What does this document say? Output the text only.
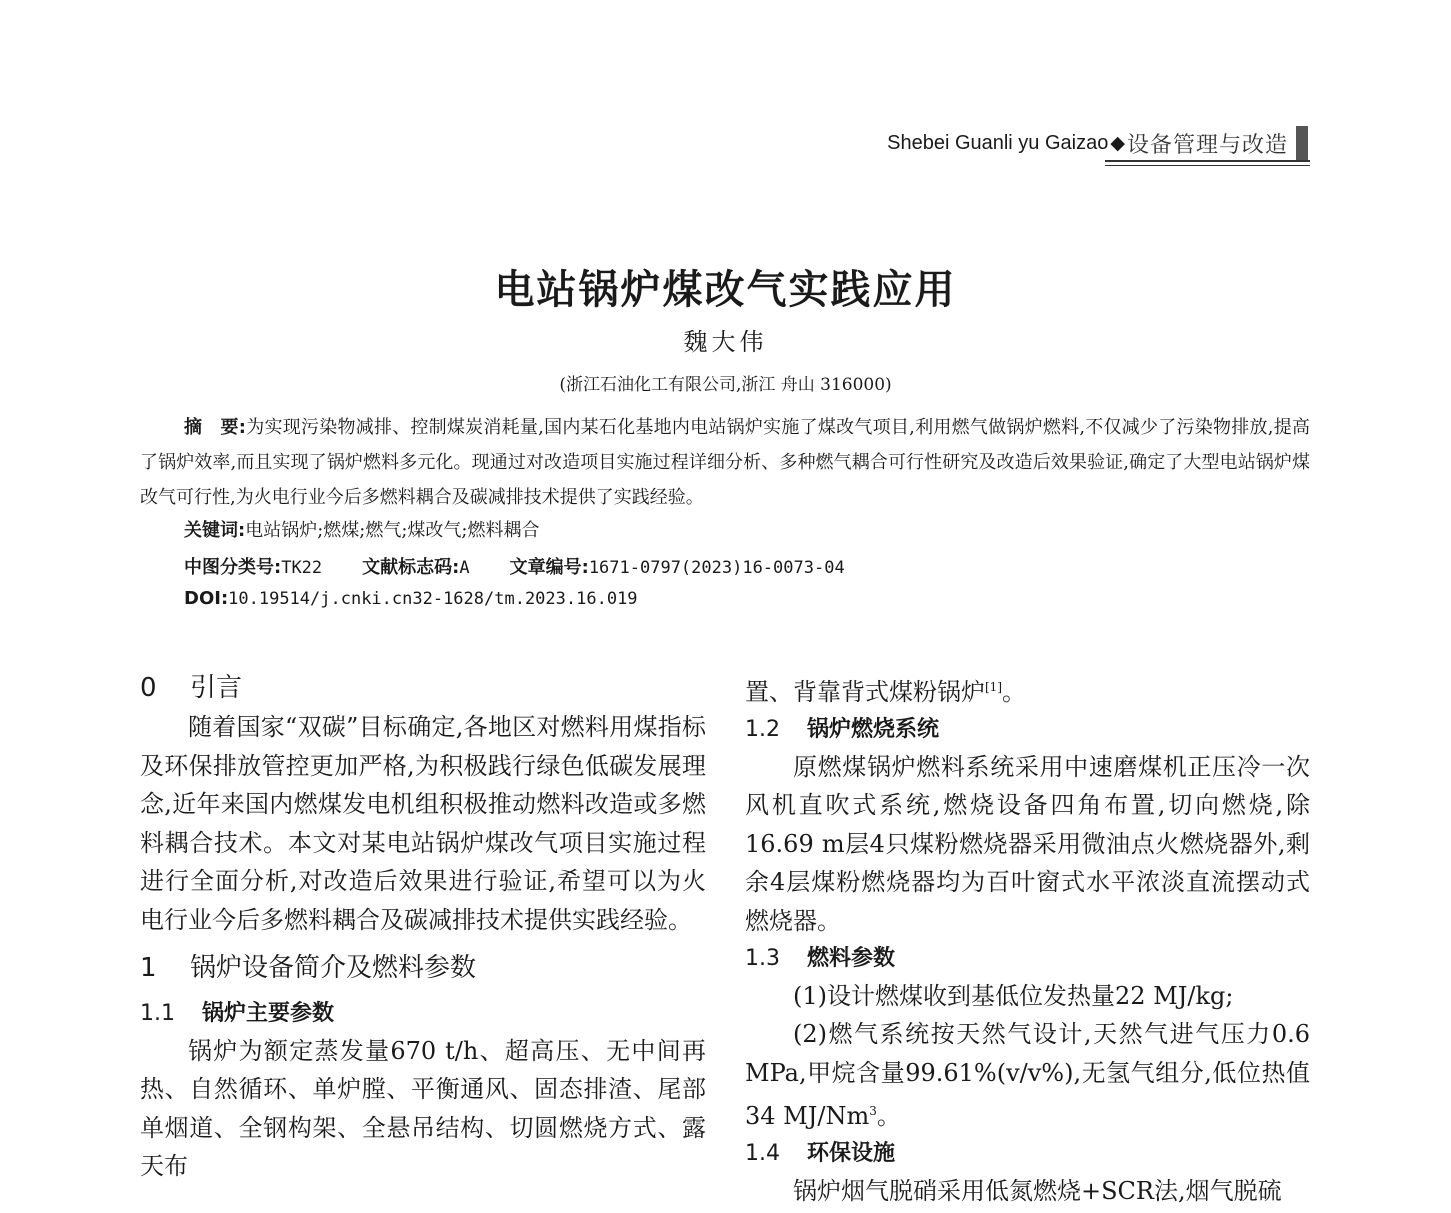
Shebei Guanli yu Gaizao ◆ 设备管理与改造
电站锅炉煤改气实践应用
魏大伟
(浙江石油化工有限公司,浙江 舟山 316000)
摘　要:为实现污染物减排、控制煤炭消耗量,国内某石化基地内电站锅炉实施了煤改气项目,利用燃气做锅炉燃料,不仅减少了污染物排放,提高了锅炉效率,而且实现了锅炉燃料多元化。现通过对改造项目实施过程详细分析、多种燃气耦合可行性研究及改造后效果验证,确定了大型电站锅炉煤改气可行性,为火电行业今后多燃料耦合及碳减排技术提供了实践经验。
关键词:电站锅炉;燃煤;燃气;煤改气;燃料耦合
中图分类号:TK22 文献标志码:A 文章编号:1671-0797(2023)16-0073-04
DOI:10.19514/j.cnki.cn32-1628/tm.2023.16.019

0 引言

随着国家“双碳”目标确定,各地区对燃料用煤指标及环保排放管控更加严格,为积极践行绿色低碳发展理念,近年来国内燃煤发电机组积极推动燃料改造或多燃料耦合技术。本文对某电站锅炉煤改气项目实施过程进行全面分析,对改造后效果进行验证,希望可以为火电行业今后多燃料耦合及碳减排技术提供实践经验。

1 锅炉设备简介及燃料参数

1.1 锅炉主要参数

锅炉为额定蒸发量670 t/h、超高压、无中间再热、自然循环、单炉膛、平衡通风、固态排渣、尾部单烟道、全钢构架、全悬吊结构、切圆燃烧方式、露天布

置、背靠背式煤粉锅炉[1]。

1.2 锅炉燃烧系统

原燃煤锅炉燃料系统采用中速磨煤机正压冷一次风机直吹式系统,燃烧设备四角布置,切向燃烧,除16.69 m层4只煤粉燃烧器采用微油点火燃烧器外,剩余4层煤粉燃烧器均为百叶窗式水平浓淡直流摆动式燃烧器。

1.3 燃料参数

(1)设计燃煤收到基低位发热量22 MJ/kg;

(2)燃气系统按天然气设计,天然气进气压力0.6 MPa,甲烷含量99.61%(v/v%),无氢气组分,低位热值34 MJ/Nm$^3$。

1.4 环保设施

锅炉烟气脱硝采用低氮燃烧+SCR法,烟气脱硫
